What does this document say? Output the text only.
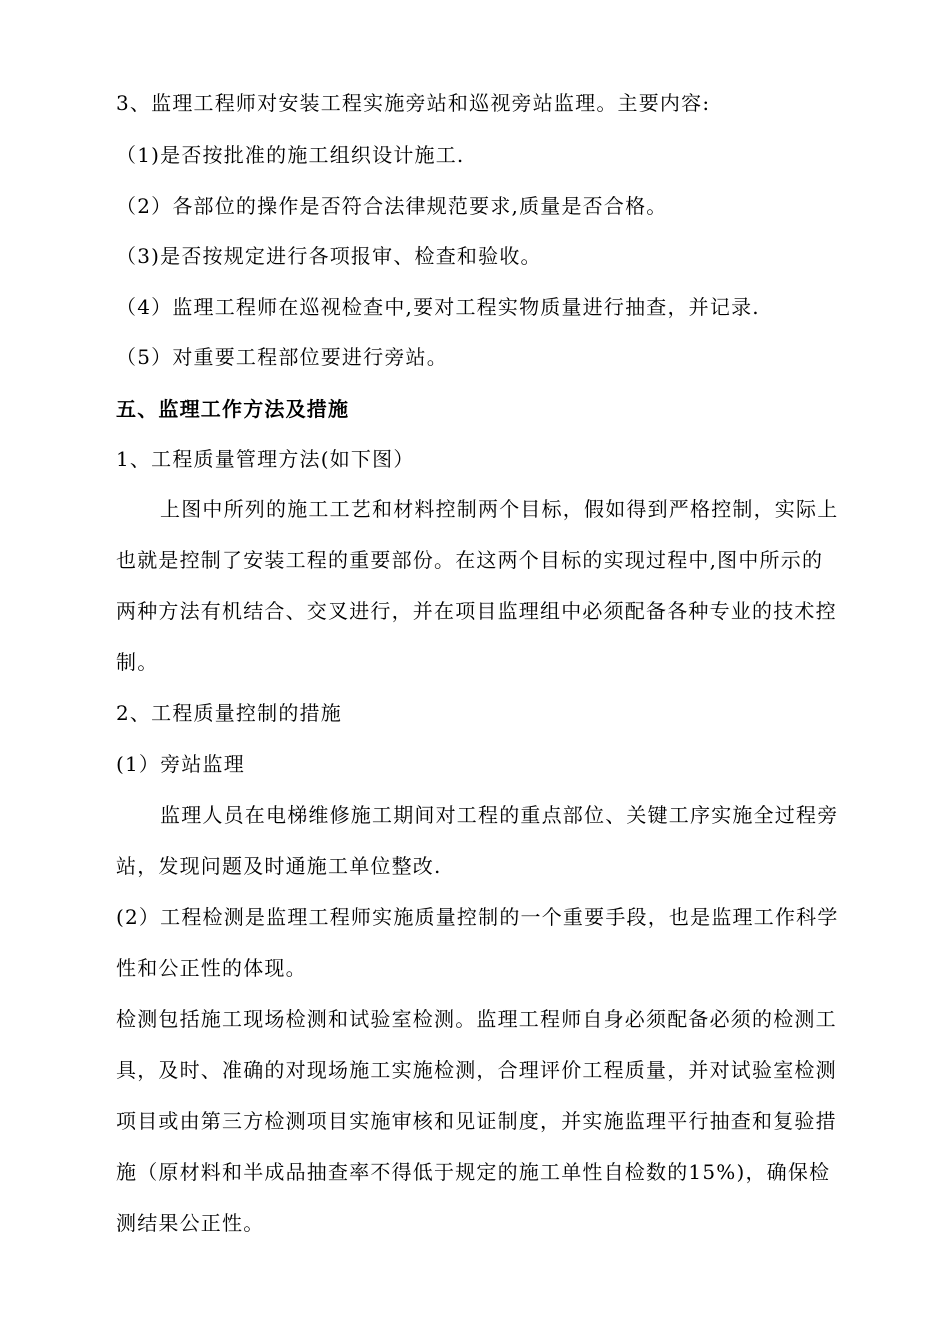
3、监理工程师对安装工程实施旁站和巡视旁站监理。主要内容:
（1)是否按批准的施工组织设计施工.
（2）各部位的操作是否符合法律规范要求,质量是否合格。
（3)是否按规定进行各项报审、检查和验收。
（4）监理工程师在巡视检查中,要对工程实物质量进行抽查，并记录.
（5）对重要工程部位要进行旁站。
五、监理工作方法及措施
1、工程质量管理方法(如下图）
上图中所列的施工工艺和材料控制两个目标，假如得到严格控制，实际上
也就是控制了安装工程的重要部份。在这两个目标的实现过程中,图中所示的
两种方法有机结合、交叉进行，并在项目监理组中必须配备各种专业的技术控
制。
2、工程质量控制的措施
(1）旁站监理
监理人员在电梯维修施工期间对工程的重点部位、关键工序实施全过程旁
站，发现问题及时通施工单位整改.
(2）工程检测是监理工程师实施质量控制的一个重要手段，也是监理工作科学
性和公正性的体现。
检测包括施工现场检测和试验室检测。监理工程师自身必须配备必须的检测工
具，及时、准确的对现场施工实施检测，合理评价工程质量，并对试验室检测
项目或由第三方检测项目实施审核和见证制度，并实施监理平行抽查和复验措
施（原材料和半成品抽查率不得低于规定的施工单性自检数的15%)，确保检
测结果公正性。
